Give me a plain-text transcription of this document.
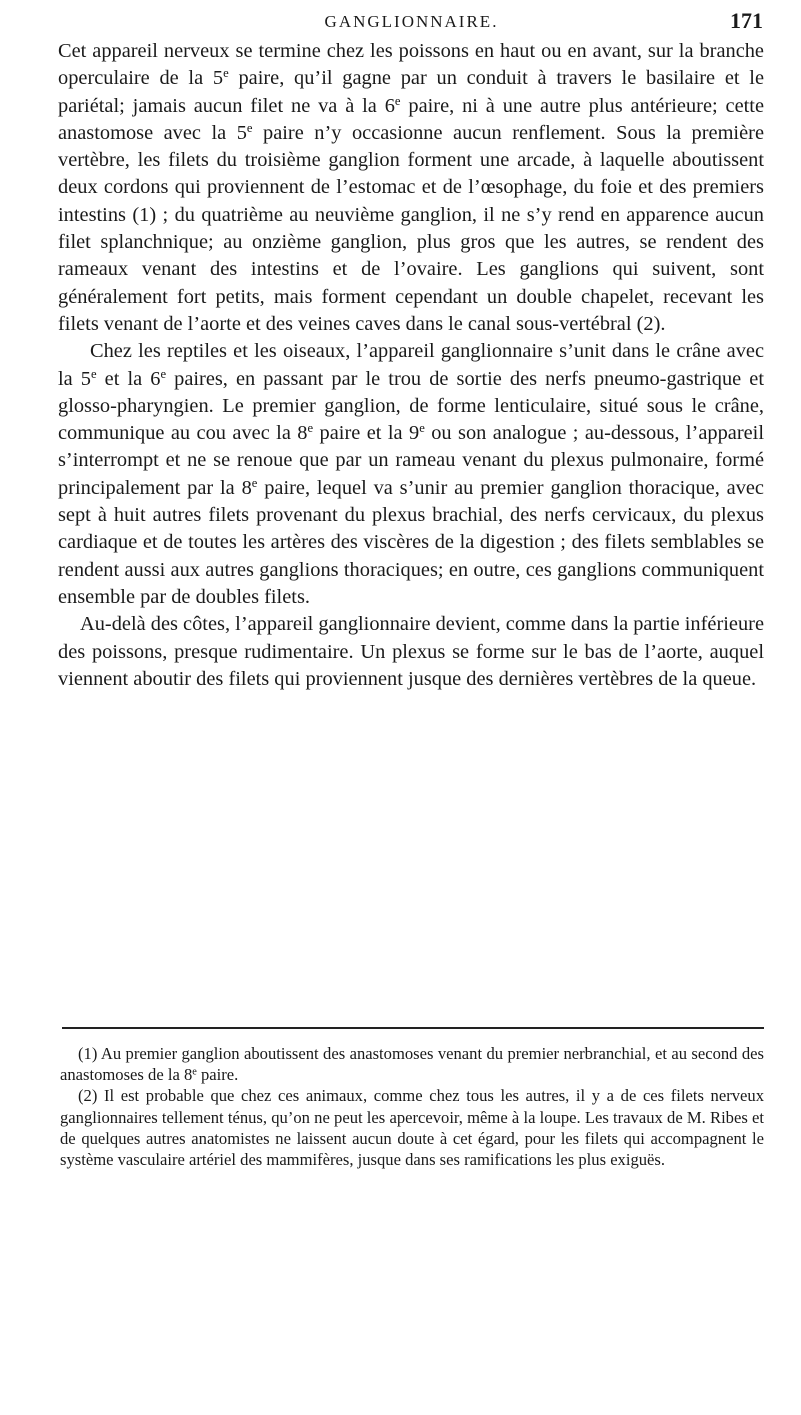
GANGLIONNAIRE.	171

Cet appareil nerveux se termine chez les poissons en haut ou en avant, sur la branche operculaire de la 5e paire, qu’il gagne par un conduit à travers le basilaire et le pariétal; jamais aucun filet ne va à la 6e paire, ni à une autre plus antérieure; cette anastomose avec la 5e paire n’y occasionne aucun renflement. Sous la première vertèbre, les filets du troisième ganglion forment une arcade, à laquelle aboutissent deux cordons qui proviennent de l’estomac et de l’œsophage, du foie et des premiers intestins (1) ; du quatrième au neuvième ganglion, il ne s’y rend en apparence aucun filet splanchnique; au onzième ganglion, plus gros que les autres, se rendent des rameaux venant des intestins et de l’ovaire. Les ganglions qui suivent, sont généralement fort petits, mais forment cependant un double chapelet, recevant les filets venant de l’aorte et des veines caves dans le canal sous-vertébral (2).

Chez les reptiles et les oiseaux, l’appareil ganglionnaire s’unit dans le crâne avec la 5e et la 6e paires, en passant par le trou de sortie des nerfs pneumo-gastrique et glosso-pharyngien. Le premier ganglion, de forme lenticulaire, situé sous le crâne, communique au cou avec la 8e paire et la 9e ou son analogue ; au-dessous, l’appareil s’interrompt et ne se renoue que par un rameau venant du plexus pulmonaire, formé principalement par la 8e paire, lequel va s’unir au premier ganglion thoracique, avec sept à huit autres filets provenant du plexus brachial, des nerfs cervicaux, du plexus cardiaque et de toutes les artères des viscères de la digestion ; des filets semblables se rendent aussi aux autres ganglions thoraciques; en outre, ces ganglions communiquent ensemble par de doubles filets.

Au-delà des côtes, l’appareil ganglionnaire devient, comme dans la partie inférieure des poissons, presque rudimentaire. Un plexus se forme sur le bas de l’aorte, auquel viennent aboutir des filets qui proviennent jusque des dernières vertèbres de la queue.

(1) Au premier ganglion aboutissent des anastomoses venant du premier nerbranchial, et au second des anastomoses de la 8e paire.

(2) Il est probable que chez ces animaux, comme chez tous les autres, il y a de ces filets nerveux ganglionnaires tellement ténus, qu’on ne peut les apercevoir, même à la loupe. Les travaux de M. Ribes et de quelques autres anatomistes ne laissent aucun doute à cet égard, pour les filets qui accompagnent le système vasculaire artériel des mammifères, jusque dans ses ramifications les plus exiguës.
